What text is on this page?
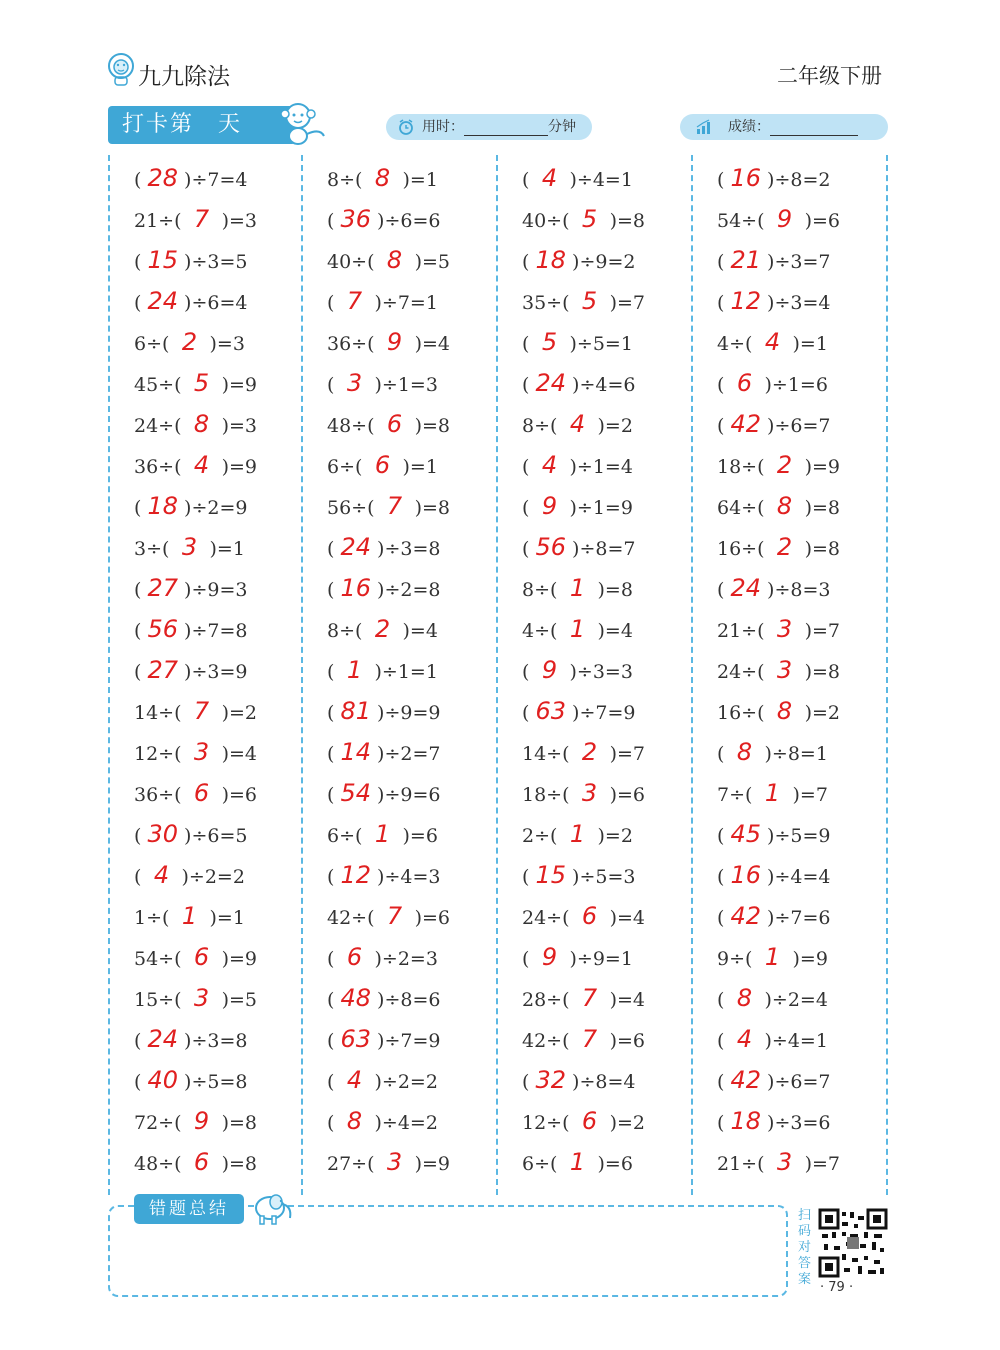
九九除法	二年级下册
打卡第 天	用时：	分钟	成绩：
( 28 )÷7=4
21÷( 7 )=3
( 15 )÷3=5
( 24 )÷6=4
6÷( 2 )=3
45÷( 5 )=9
24÷( 8 )=3
36÷( 4 )=9
( 18 )÷2=9
3÷( 3 )=1
( 27 )÷9=3
( 56 )÷7=8
( 27 )÷3=9
14÷( 7 )=2
12÷( 3 )=4
36÷( 6 )=6
( 30 )÷6=5
( 4 )÷2=2
1÷( 1 )=1
54÷( 6 )=9
15÷( 3 )=5
( 24 )÷3=8
( 40 )÷5=8
72÷( 9 )=8
48÷( 6 )=8
8÷( 8 )=1
( 36 )÷6=6
40÷( 8 )=5
( 7 )÷7=1
36÷( 9 )=4
( 3 )÷1=3
48÷( 6 )=8
6÷( 6 )=1
56÷( 7 )=8
( 24 )÷3=8
( 16 )÷2=8
8÷( 2 )=4
( 1 )÷1=1
( 81 )÷9=9
( 14 )÷2=7
( 54 )÷9=6
6÷( 1 )=6
( 12 )÷4=3
42÷( 7 )=6
( 6 )÷2=3
( 48 )÷8=6
( 63 )÷7=9
( 4 )÷2=2
( 8 )÷4=2
27÷( 3 )=9
( 4 )÷4=1
40÷( 5 )=8
( 18 )÷9=2
35÷( 5 )=7
( 5 )÷5=1
( 24 )÷4=6
8÷( 4 )=2
( 4 )÷1=4
( 9 )÷1=9
( 56 )÷8=7
8÷( 1 )=8
4÷( 1 )=4
( 9 )÷3=3
( 63 )÷7=9
14÷( 2 )=7
18÷( 3 )=6
2÷( 1 )=2
( 15 )÷5=3
24÷( 6 )=4
( 9 )÷9=1
28÷( 7 )=4
42÷( 7 )=6
( 32 )÷8=4
12÷( 6 )=2
6÷( 1 )=6
( 16 )÷8=2
54÷( 9 )=6
( 21 )÷3=7
( 12 )÷3=4
4÷( 4 )=1
( 6 )÷1=6
( 42 )÷6=7
18÷( 2 )=9
64÷( 8 )=8
16÷( 2 )=8
( 24 )÷8=3
21÷( 3 )=7
24÷( 3 )=8
16÷( 8 )=2
( 8 )÷8=1
7÷( 1 )=7
( 45 )÷5=9
( 16 )÷4=4
( 42 )÷7=6
9÷( 1 )=9
( 8 )÷2=4
( 4 )÷4=1
( 42 )÷6=7
( 18 )÷3=6
21÷( 3 )=7
错题总结	扫码对答案
· 79 ·
